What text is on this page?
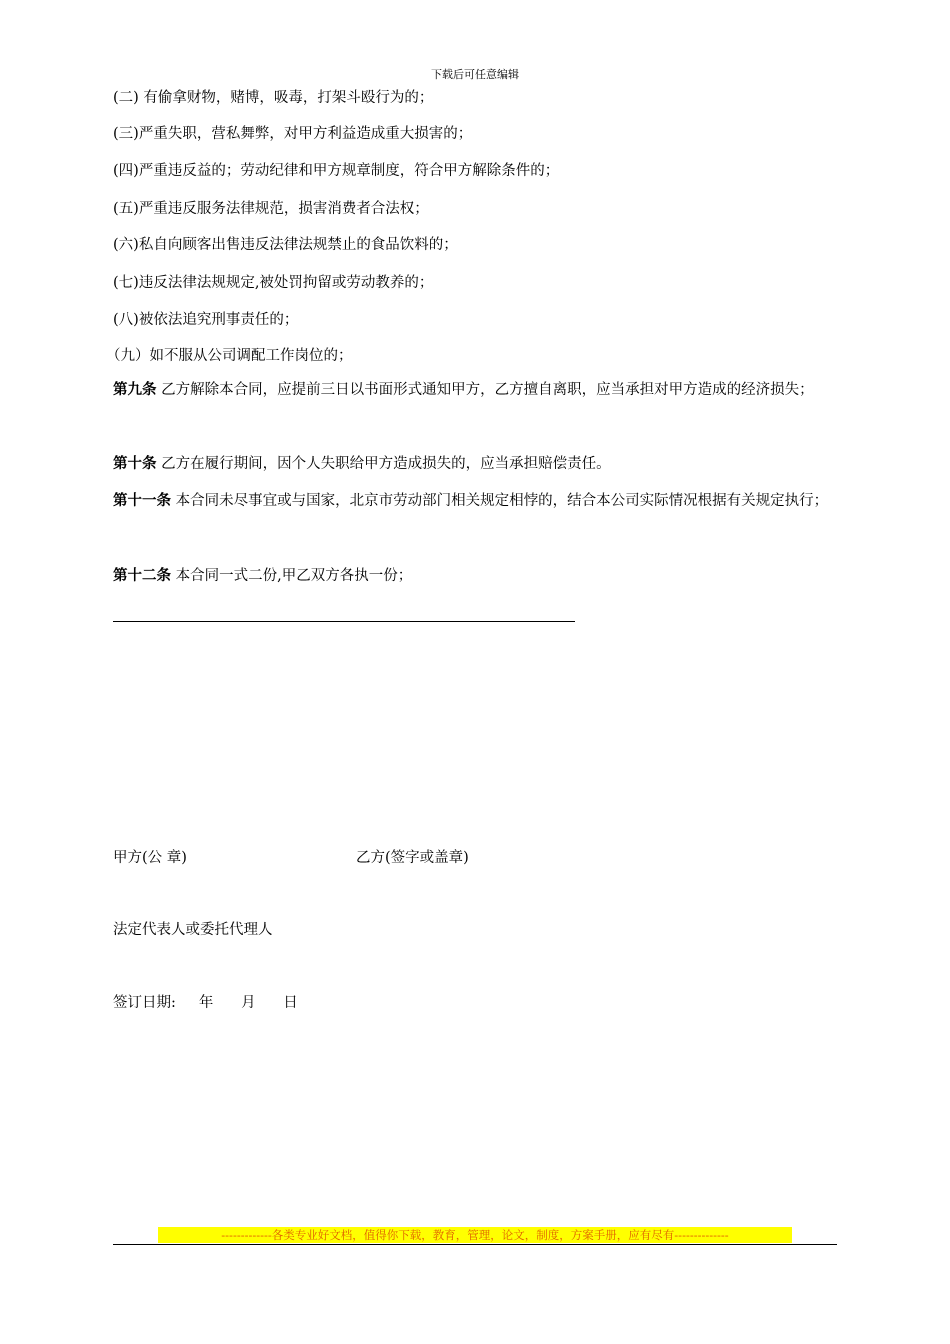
下载后可任意编辑
(二) 有偷拿财物，赌博，吸毒，打架斗殴行为的；
(三)严重失职，营私舞弊，对甲方利益造成重大损害的；
(四)严重违反益的；劳动纪律和甲方规章制度，符合甲方解除条件的；
(五)严重违反服务法律规范，损害消费者合法权；
(六)私自向顾客出售违反法律法规禁止的食品饮料的；
(七)违反法律法规规定,被处罚拘留或劳动教养的；
(八)被依法追究刑事责任的；
（九）如不服从公司调配工作岗位的；
第九条 乙方解除本合同，应提前三日以书面形式通知甲方，乙方擅自离职，应当承担对甲方造成的经济损失；
第十条 乙方在履行期间，因个人失职给甲方造成损失的，应当承担赔偿责任。
第十一条 本合同未尽事宜或与国家，北京市劳动部门相关规定相悖的，结合本公司实际情况根据有关规定执行；
第十二条 本合同一式二份,甲乙双方各执一份；
甲方(公 章)	乙方(签字或盖章)
法定代表人或委托代理人
签订日期:     年      月      日
-------------各类专业好文档，值得你下载，教育，管理，论文，制度，方案手册，应有尽有--------------
